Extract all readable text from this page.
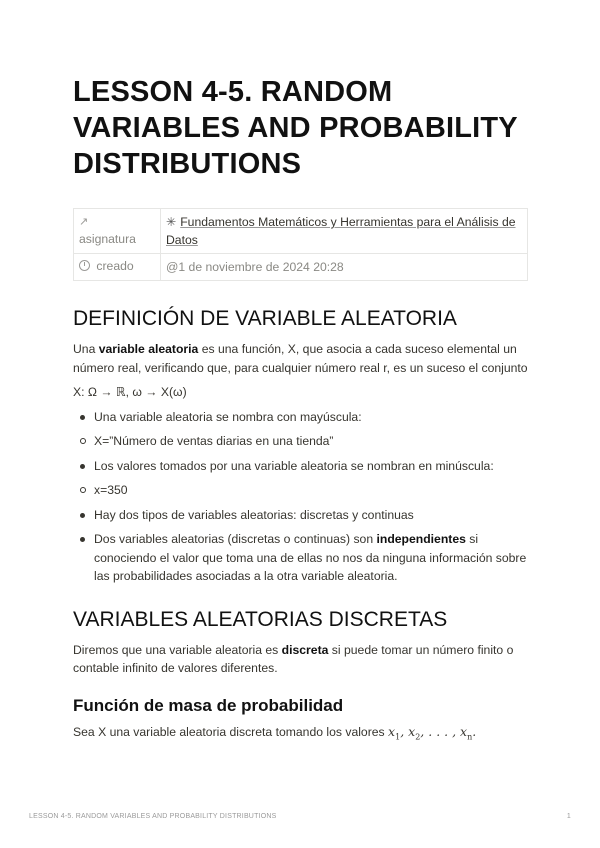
LESSON 4-5. RANDOM VARIABLES AND PROBABILITY DISTRIBUTIONS
↗
asignatura	✳ Fundamentos Matemáticos y Herramientas para el Análisis de Datos
creado	@1 de noviembre de 2024 20:28
DEFINICIÓN DE VARIABLE ALEATORIA

Una variable aleatoria es una función, X, que asocia a cada suceso elemental un número real, verificando que, para cualquier número real r, es un suceso el conjunto

X: Ω → ℝ, ω → X(ω)

Una variable aleatoria se nombra con mayúscula:
X=”Número de ventas diarias en una tienda”
Los valores tomados por una variable aleatoria se nombran en minúscula:
x=350
Hay dos tipos de variables aleatorias: discretas y continuas
Dos variables aleatorias (discretas o continuas) son independientes si conociendo el valor que toma una de ellas no nos da ninguna información sobre las probabilidades asociadas a la otra variable aleatoria.
VARIABLES ALEATORIAS DISCRETAS

Diremos que una variable aleatoria es discreta si puede tomar un número finito o contable infinito de valores diferentes.

Función de masa de probabilidad

Sea X una variable aleatoria discreta tomando los valores $x_1$, $x_2$, . . . , $x_n$.

LESSON 4-5. RANDOM VARIABLES AND PROBABILITY DISTRIBUTIONS	1
